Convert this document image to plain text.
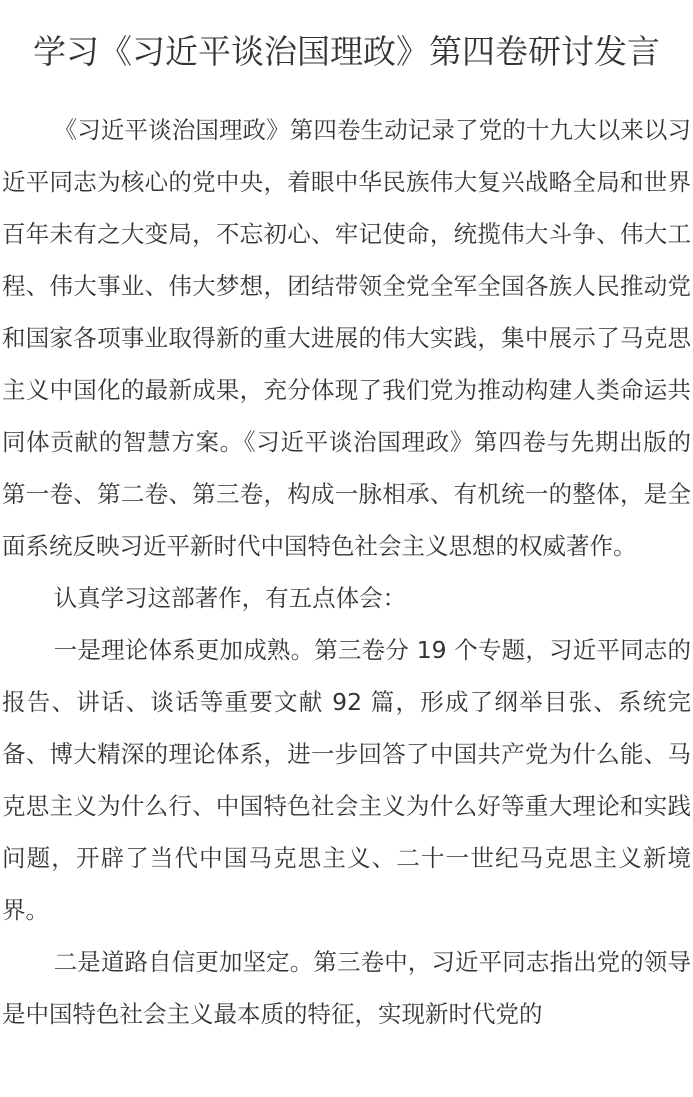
学习《习近平谈治国理政》第四卷研讨发言

《习近平谈治国理政》第四卷生动记录了党的十九大以来以习近平同志为核心的党中央，着眼中华民族伟大复兴战略全局和世界百年未有之大变局，不忘初心、牢记使命，统揽伟大斗争、伟大工程、伟大事业、伟大梦想，团结带领全党全军全国各族人民推动党和国家各项事业取得新的重大进展的伟大实践，集中展示了马克思主义中国化的最新成果，充分体现了我们党为推动构建人类命运共同体贡献的智慧方案。《习近平谈治国理政》第四卷与先期出版的第一卷、第二卷、第三卷，构成一脉相承、有机统一的整体，是全面系统反映习近平新时代中国特色社会主义思想的权威著作。

认真学习这部著作，有五点体会：

一是理论体系更加成熟。第三卷分 19 个专题，习近平同志的报告、讲话、谈话等重要文献 92 篇，形成了纲举目张、系统完备、博大精深的理论体系，进一步回答了中国共产党为什么能、马克思主义为什么行、中国特色社会主义为什么好等重大理论和实践问题，开辟了当代中国马克思主义、二十一世纪马克思主义新境界。

二是道路自信更加坚定。第三卷中，习近平同志指出党的领导是中国特色社会主义最本质的特征，实现新时代党的
